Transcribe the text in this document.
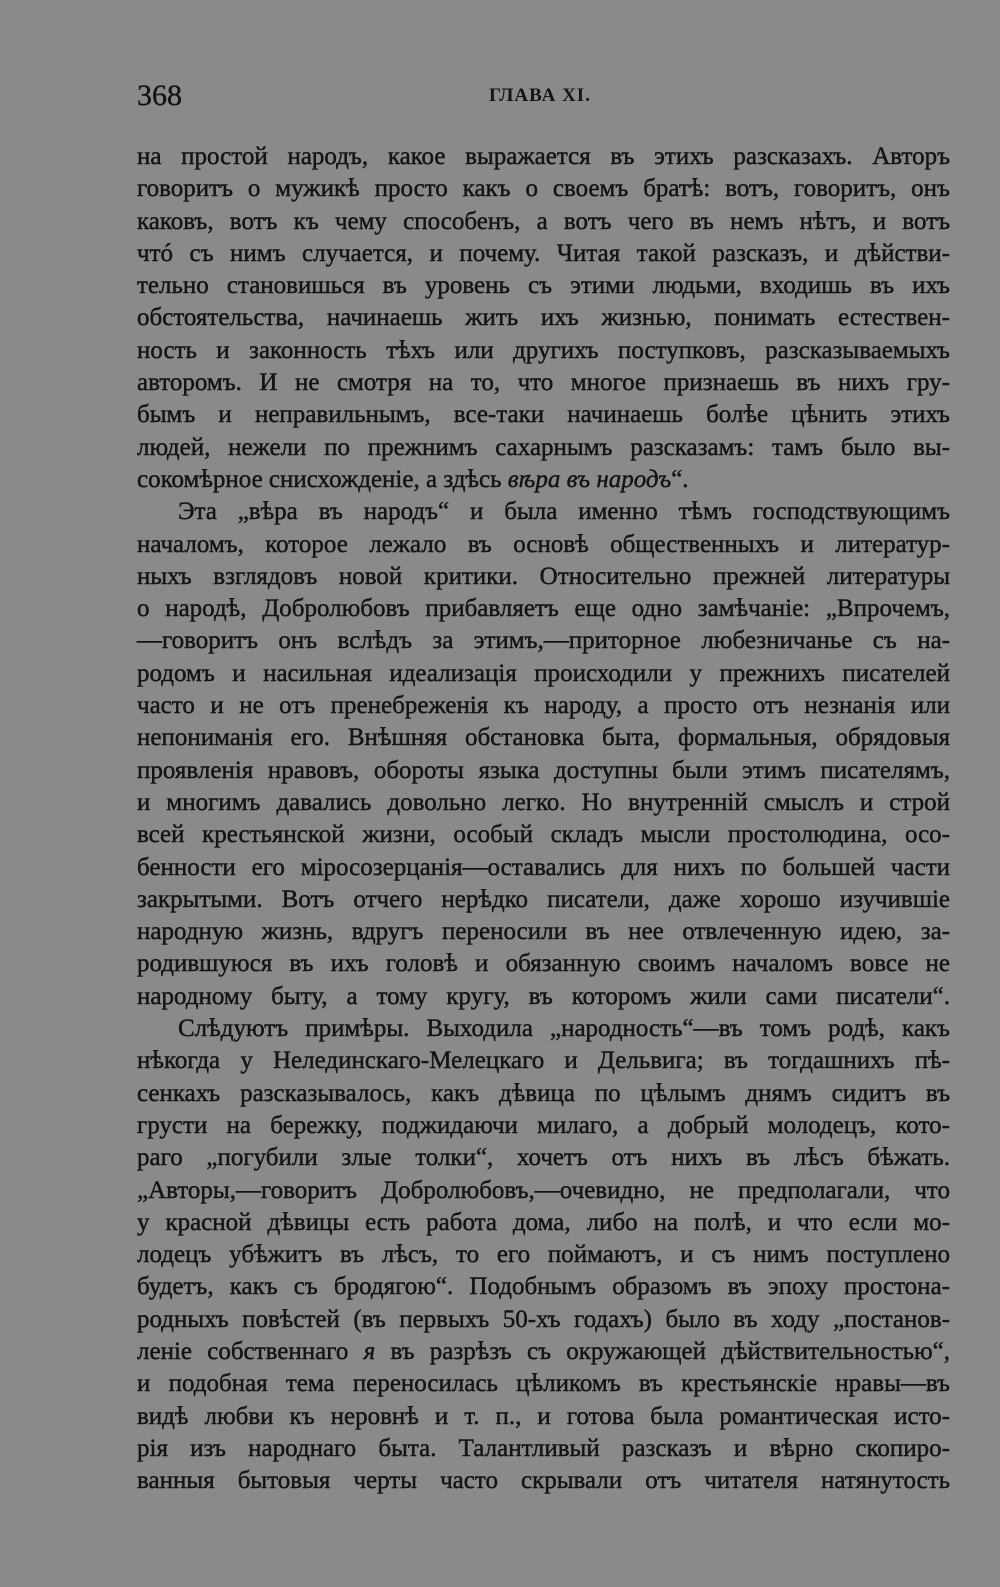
368	ГЛАВА XI.
на простой народъ, какое выражается въ этихъ разсказахъ. Авторъ
говоритъ о мужикѣ просто какъ о своемъ братѣ: вотъ, говоритъ, онъ
каковъ, вотъ къ чему способенъ, а вотъ чего въ немъ нѣтъ, и вотъ
чтó съ нимъ случается, и почему. Читая такой разсказъ, и дѣйстви-
тельно становишься въ уровень съ этими людьми, входишь въ ихъ
обстоятельства, начинаешь жить ихъ жизнью, понимать естествен-
ность и законность тѣхъ или другихъ поступковъ, разсказываемыхъ
авторомъ. И не смотря на то, что многое признаешь въ нихъ гру-
бымъ и неправильнымъ, все-таки начинаешь болѣе цѣнить этихъ
людей, нежели по прежнимъ сахарнымъ разсказамъ: тамъ было вы-
сокомѣрное снисхожденіе, а здѣсь вѣра въ народъ“.
Эта „вѣра въ народъ“ и была именно тѣмъ господствующимъ
началомъ, которое лежало въ основѣ общественныхъ и литератур-
ныхъ взглядовъ новой критики. Относительно прежней литературы
о народѣ, Добролюбовъ прибавляетъ еще одно замѣчаніе: „Впрочемъ,
—говоритъ онъ вслѣдъ за этимъ,—приторное любезничанье съ на-
родомъ и насильная идеализація происходили у прежнихъ писателей
часто и не отъ пренебреженія къ народу, а просто отъ незнанія или
непониманія его. Внѣшняя обстановка быта, формальныя, обрядовыя
проявленія нравовъ, обороты языка доступны были этимъ писателямъ,
и многимъ давались довольно легко. Но внутренній смыслъ и строй
всей крестьянской жизни, особый складъ мысли простолюдина, осо-
бенности его міросозерцанія—оставались для нихъ по большей части
закрытыми. Вотъ отчего нерѣдко писатели, даже хорошо изучившіе
народную жизнь, вдругъ переносили въ нее отвлеченную идею, за-
родившуюся въ ихъ головѣ и обязанную своимъ началомъ вовсе не
народному быту, а тому кругу, въ которомъ жили сами писатели“.
Слѣдуютъ примѣры. Выходила „народность“—въ томъ родѣ, какъ
нѣкогда у Нелединскаго-Мелецкаго и Дельвига; въ тогдашнихъ пѣ-
сенкахъ разсказывалось, какъ дѣвица по цѣлымъ днямъ сидитъ въ
грусти на бережку, поджидаючи милаго, а добрый молодецъ, кото-
раго „погубили злые толки“, хочетъ отъ нихъ въ лѣсъ бѣжать.
„Авторы,—говоритъ Добролюбовъ,—очевидно, не предполагали, что
у красной дѣвицы есть работа дома, либо на полѣ, и что если мо-
лодецъ убѣжитъ въ лѣсъ, то его поймаютъ, и съ нимъ поступлено
будетъ, какъ съ бродягою“. Подобнымъ образомъ въ эпоху простона-
родныхъ повѣстей (въ первыхъ 50-хъ годахъ) было въ ходу „постанов-
леніе собственнаго я въ разрѣзъ съ окружающей дѣйствительностью“,
и подобная тема переносилась цѣликомъ въ крестьянскіе нравы—въ
видѣ любви къ неровнѣ и т. п., и готова была романтическая исто-
рія изъ народнаго быта. Талантливый разсказъ и вѣрно скопиро-
ванныя бытовыя черты часто скрывали отъ читателя натянутость
